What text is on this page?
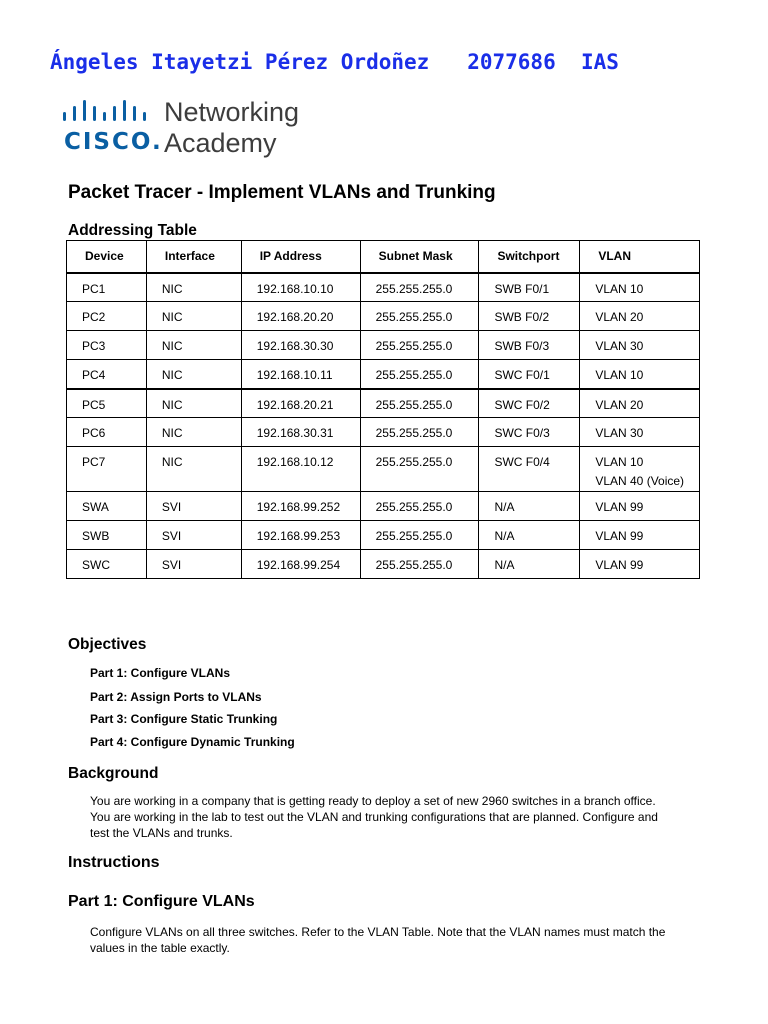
Ángeles Itayetzi Pérez Ordoñez   2077686  IAS
CISCO.
Networking
Academy
Packet Tracer - Implement VLANs and Trunking
Addressing Table
Device	Interface	IP Address	Subnet Mask	Switchport	VLAN
PC1	NIC	192.168.10.10	255.255.255.0	SWB F0/1	VLAN 10
PC2	NIC	192.168.20.20	255.255.255.0	SWB F0/2	VLAN 20
PC3	NIC	192.168.30.30	255.255.255.0	SWB F0/3	VLAN 30
PC4	NIC	192.168.10.11	255.255.255.0	SWC F0/1	VLAN 10
PC5	NIC	192.168.20.21	255.255.255.0	SWC F0/2	VLAN 20
PC6	NIC	192.168.30.31	255.255.255.0	SWC F0/3	VLAN 30
PC7	NIC	192.168.10.12	255.255.255.0	SWC F0/4	VLAN 10
VLAN 40 (Voice)

SWA	SVI	192.168.99.252	255.255.255.0	N/A	VLAN 99
SWB	SVI	192.168.99.253	255.255.255.0	N/A	VLAN 99
SWC	SVI	192.168.99.254	255.255.255.0	N/A	VLAN 99
Objectives
Part 1: Configure VLANs
Part 2: Assign Ports to VLANs
Part 3: Configure Static Trunking
Part 4: Configure Dynamic Trunking
Background
You are working in a company that is getting ready to deploy a set of new 2960 switches in a branch office.
You are working in the lab to test out the VLAN and trunking configurations that are planned. Configure and
test the VLANs and trunks.
Instructions
Part 1: Configure VLANs
Configure VLANs on all three switches. Refer to the VLAN Table. Note that the VLAN names must match the
values in the table exactly.
